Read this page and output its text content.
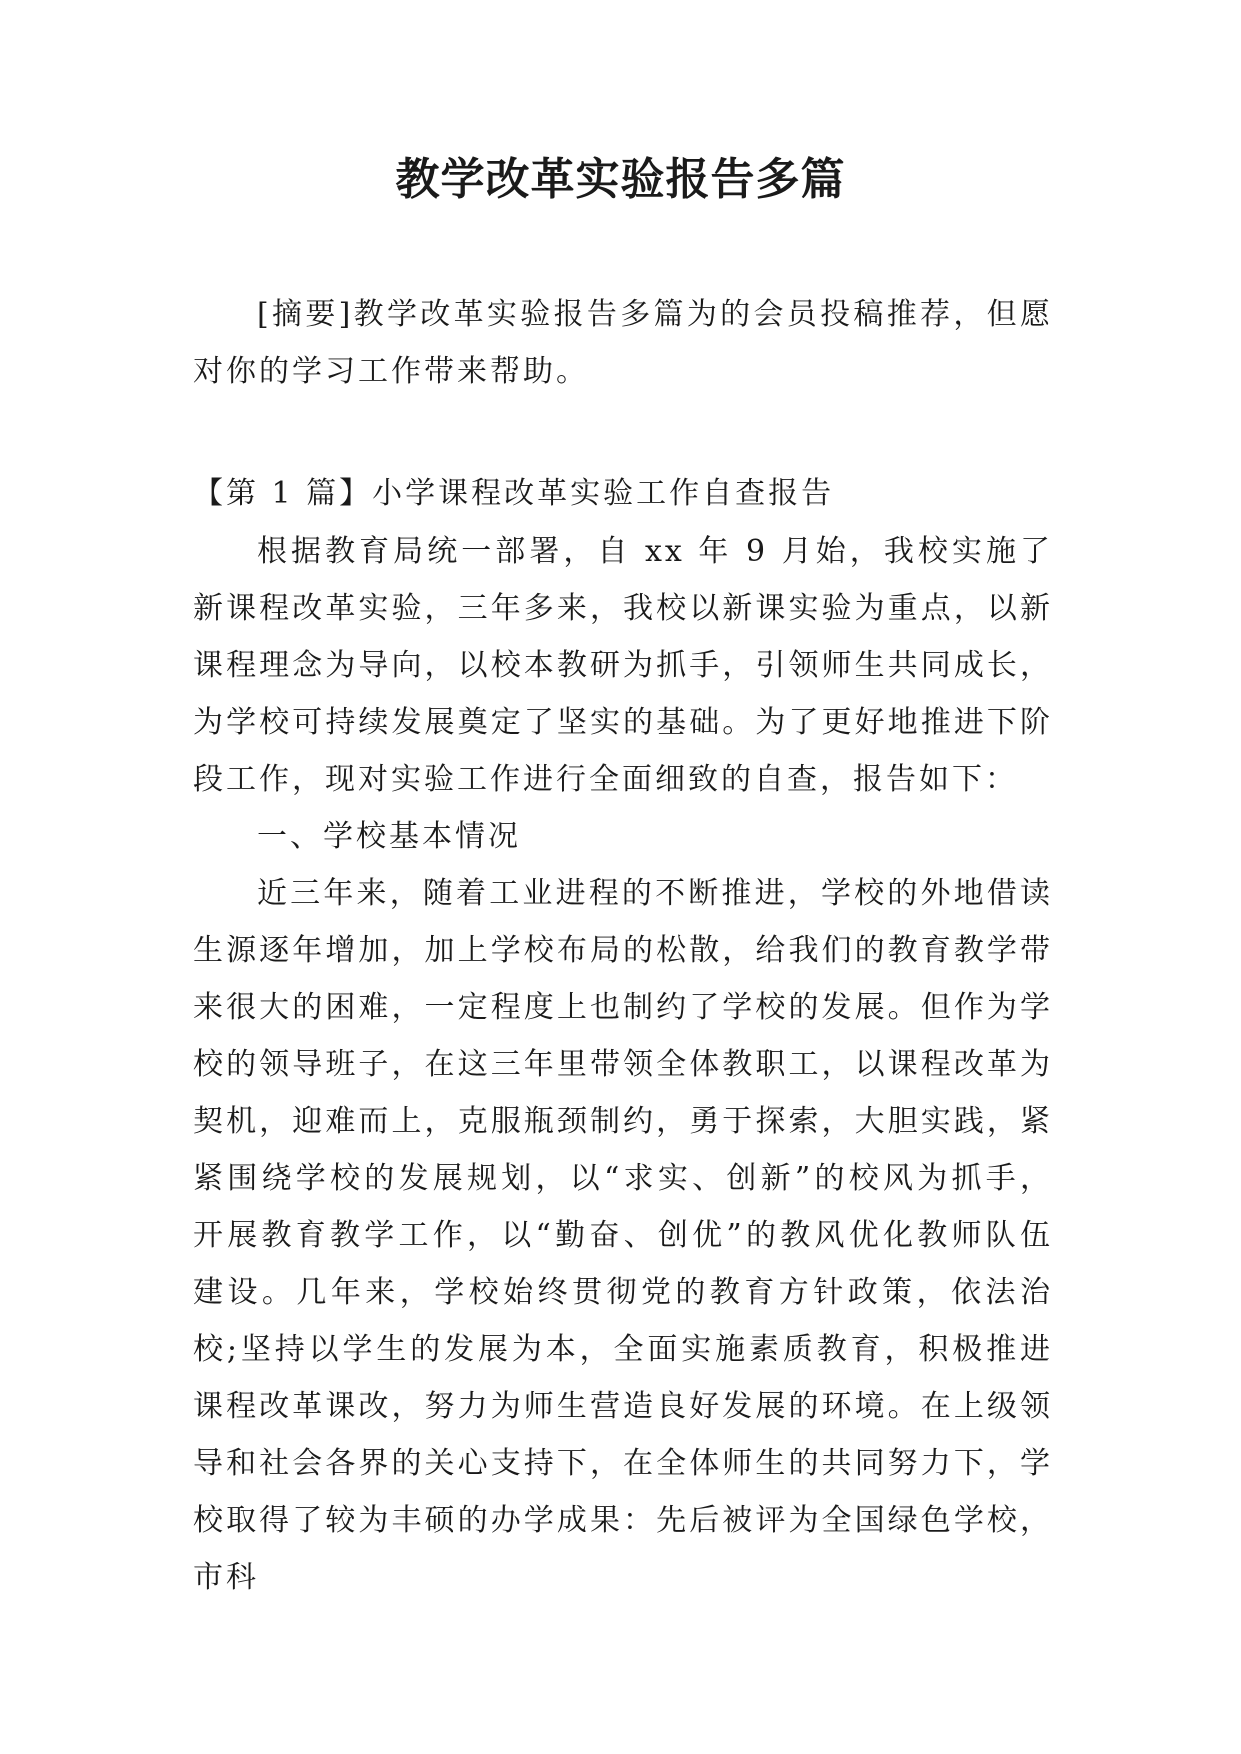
教学改革实验报告多篇

[摘要]教学改革实验报告多篇为的会员投稿推荐，但愿对你的学习工作带来帮助。

【第 1 篇】小学课程改革实验工作自查报告

根据教育局统一部署，自 xx 年 9 月始，我校实施了新课程改革实验，三年多来，我校以新课实验为重点，以新课程理念为导向，以校本教研为抓手，引领师生共同成长，为学校可持续发展奠定了坚实的基础。为了更好地推进下阶段工作，现对实验工作进行全面细致的自查，报告如下：

一、学校基本情况

近三年来，随着工业进程的不断推进，学校的外地借读生源逐年增加，加上学校布局的松散，给我们的教育教学带来很大的困难，一定程度上也制约了学校的发展。但作为学校的领导班子，在这三年里带领全体教职工，以课程改革为契机，迎难而上，克服瓶颈制约，勇于探索，大胆实践，紧紧围绕学校的发展规划，以“求实、创新”的校风为抓手，开展教育教学工作，以“勤奋、创优”的教风优化教师队伍建设。几年来，学校始终贯彻党的教育方针政策，依法治校;坚持以学生的发展为本，全面实施素质教育，积极推进课程改革课改，努力为师生营造良好发展的环境。在上级领导和社会各界的关心支持下，在全体师生的共同努力下，学校取得了较为丰硕的办学成果：先后被评为全国绿色学校，市科
